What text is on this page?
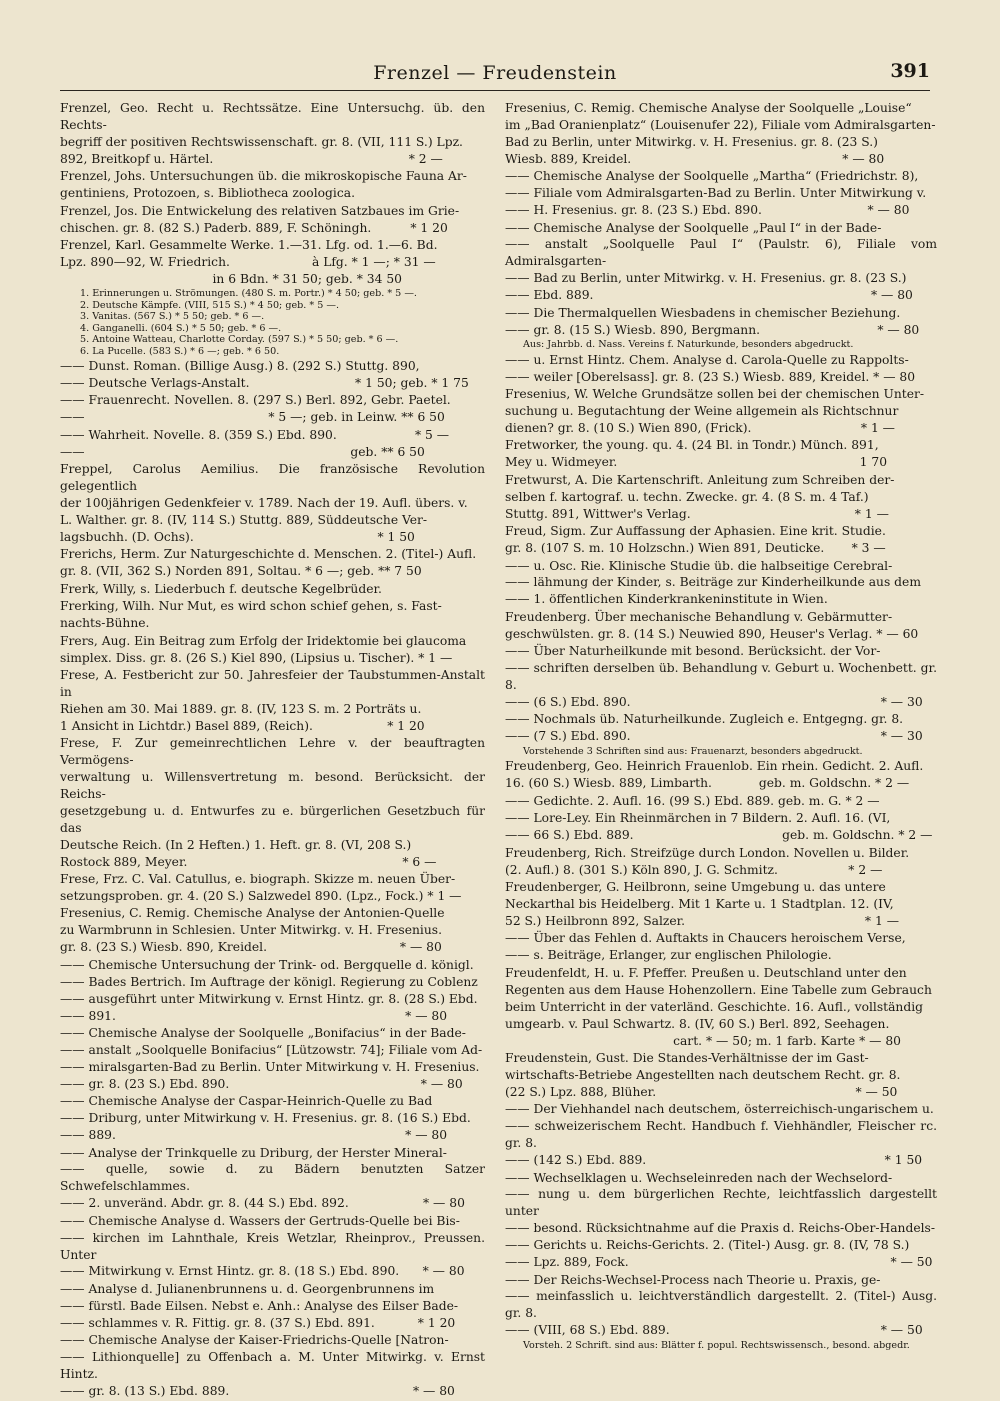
Frenzel — Freudenstein	391
Frenzel, Geo. Recht u. Rechtssätze. Eine Untersuchg. üb. den Rechts-
begriff der positiven Rechtswissenschaft. gr. 8. (VII, 111 S.) Lpz.
892, Breitkopf u. Härtel.                                                  * 2 —
Frenzel, Johs. Untersuchungen üb. die mikroskopische Fauna Ar-
gentiniens, Protozoen, s. Bibliotheca zoologica.
Frenzel, Jos. Die Entwickelung des relativen Satzbaues im Grie-
chischen. gr. 8. (82 S.) Paderb. 889, F. Schöningh.          * 1 20
Frenzel, Karl. Gesammelte Werke. 1.—31. Lfg. od. 1.—6. Bd.
Lpz. 890—92, W. Friedrich.                     à Lfg. * 1 —; * 31 —
in 6 Bdn. * 31 50; geb. * 34 50
1. Erinnerungen u. Strömungen. (480 S. m. Portr.) * 4 50; geb. * 5 —.
2. Deutsche Kämpfe. (VIII, 515 S.) * 4 50; geb. * 5 —.
3. Vanitas. (567 S.) * 5 50; geb. * 6 —.
4. Ganganelli. (604 S.) * 5 50; geb. * 6 —.
5. Antoine Watteau, Charlotte Corday. (597 S.) * 5 50; geb. * 6 —.
6. La Pucelle. (583 S.) * 6 —; geb. * 6 50.
—— Dunst. Roman. (Billige Ausg.) 8. (292 S.) Stuttg. 890,
—— Deutsche Verlags-Anstalt.                           * 1 50; geb. * 1 75
—— Frauenrecht. Novellen. 8. (297 S.) Berl. 892, Gebr. Paetel.
——                                               * 5 —; geb. in Leinw. ** 6 50
—— Wahrheit. Novelle. 8. (359 S.) Ebd. 890.                    * 5 —
——                                                                    geb. ** 6 50
Freppel, Carolus Aemilius. Die französische Revolution gelegentlich
der 100jährigen Gedenkfeier v. 1789. Nach der 19. Aufl. übers. v.
L. Walther. gr. 8. (IV, 114 S.) Stuttg. 889, Süddeutsche Ver-
lagsbuchh. (D. Ochs).                                               * 1 50
Frerichs, Herm. Zur Naturgeschichte d. Menschen. 2. (Titel-) Aufl.
gr. 8. (VII, 362 S.) Norden 891, Soltau. * 6 —; geb. ** 7 50
Frerk, Willy, s. Liederbuch f. deutsche Kegelbrüder.
Frerking, Wilh. Nur Mut, es wird schon schief gehen, s. Fast-
nachts-Bühne.
Frers, Aug. Ein Beitrag zum Erfolg der Iridektomie bei glaucoma
simplex. Diss. gr. 8. (26 S.) Kiel 890, (Lipsius u. Tischer). * 1 —
Frese, A. Festbericht zur 50. Jahresfeier der Taubstummen-Anstalt in
Riehen am 30. Mai 1889. gr. 8. (IV, 123 S. m. 2 Porträts u.
1 Ansicht in Lichtdr.) Basel 889, (Reich).                   * 1 20
Frese, F. Zur gemeinrechtlichen Lehre v. der beauftragten Vermögens-
verwaltung u. Willensvertretung m. besond. Berücksicht. der Reichs-
gesetzgebung u. d. Entwurfes zu e. bürgerlichen Gesetzbuch für das
Deutsche Reich. (In 2 Heften.) 1. Heft. gr. 8. (VI, 208 S.)
Rostock 889, Meyer.                                                       * 6 —
Frese, Frz. C. Val. Catullus, e. biograph. Skizze m. neuen Über-
setzungsproben. gr. 4. (20 S.) Salzwedel 890. (Lpz., Fock.) * 1 —
Fresenius, C. Remig. Chemische Analyse der Antonien-Quelle
zu Warmbrunn in Schlesien. Unter Mitwirkg. v. H. Fresenius.
gr. 8. (23 S.) Wiesb. 890, Kreidel.                                  * — 80
—— Chemische Untersuchung der Trink- od. Bergquelle d. königl.
—— Bades Bertrich. Im Auftrage der königl. Regierung zu Coblenz
—— ausgeführt unter Mitwirkung v. Ernst Hintz. gr. 8. (28 S.) Ebd.
—— 891.                                                                          * — 80
—— Chemische Analyse der Soolquelle „Bonifacius“ in der Bade-
—— anstalt „Soolquelle Bonifacius“ [Lützowstr. 74]; Filiale vom Ad-
—— miralsgarten-Bad zu Berlin. Unter Mitwirkung v. H. Fresenius.
—— gr. 8. (23 S.) Ebd. 890.                                                 * — 80
—— Chemische Analyse der Caspar-Heinrich-Quelle zu Bad
—— Driburg, unter Mitwirkung v. H. Fresenius. gr. 8. (16 S.) Ebd.
—— 889.                                                                          * — 80
—— Analyse der Trinkquelle zu Driburg, der Herster Mineral-
—— quelle, sowie d. zu Bädern benutzten Satzer Schwefelschlammes.
—— 2. unveränd. Abdr. gr. 8. (44 S.) Ebd. 892.                   * — 80
—— Chemische Analyse d. Wassers der Gertruds-Quelle bei Bis-
—— kirchen im Lahnthale, Kreis Wetzlar, Rheinprov., Preussen. Unter
—— Mitwirkung v. Ernst Hintz. gr. 8. (18 S.) Ebd. 890.      * — 80
—— Analyse d. Julianenbrunnens u. d. Georgenbrunnens im
—— fürstl. Bade Eilsen. Nebst e. Anh.: Analyse des Eilser Bade-
—— schlammes v. R. Fittig. gr. 8. (37 S.) Ebd. 891.           * 1 20
—— Chemische Analyse der Kaiser-Friedrichs-Quelle [Natron-
—— Lithionquelle] zu Offenbach a. M. Unter Mitwirkg. v. Ernst Hintz.
—— gr. 8. (13 S.) Ebd. 889.                                               * — 80
Fresenius, C. Remig. Chemische Analyse der Soolquelle „Louise“
im „Bad Oranienplatz“ (Louisenufer 22), Filiale vom Admiralsgarten-
Bad zu Berlin, unter Mitwirkg. v. H. Fresenius. gr. 8. (23 S.)
Wiesb. 889, Kreidel.                                                      * — 80
—— Chemische Analyse der Soolquelle „Martha“ (Friedrichstr. 8),
—— Filiale vom Admiralsgarten-Bad zu Berlin. Unter Mitwirkung v.
—— H. Fresenius. gr. 8. (23 S.) Ebd. 890.                           * — 80
—— Chemische Analyse der Soolquelle „Paul I“ in der Bade-
—— anstalt „Soolquelle Paul I“ (Paulstr. 6), Filiale vom Admiralsgarten-
—— Bad zu Berlin, unter Mitwirkg. v. H. Fresenius. gr. 8. (23 S.)
—— Ebd. 889.                                                                       * — 80
—— Die Thermalquellen Wiesbadens in chemischer Beziehung.
—— gr. 8. (15 S.) Wiesb. 890, Bergmann.                              * — 80
Aus: Jahrbb. d. Nass. Vereins f. Naturkunde, besonders abgedruckt.
—— u. Ernst Hintz. Chem. Analyse d. Carola-Quelle zu Rappolts-
—— weiler [Oberelsass]. gr. 8. (23 S.) Wiesb. 889, Kreidel. * — 80
Fresenius, W. Welche Grundsätze sollen bei der chemischen Unter-
suchung u. Begutachtung der Weine allgemein als Richtschnur
dienen? gr. 8. (10 S.) Wien 890, (Frick).                            * 1 —
Fretworker, the young. qu. 4. (24 Bl. in Tondr.) Münch. 891,
Mey u. Widmeyer.                                                              1 70
Fretwurst, A. Die Kartenschrift. Anleitung zum Schreiben der-
selben f. kartograf. u. techn. Zwecke. gr. 4. (8 S. m. 4 Taf.)
Stuttg. 891, Wittwer's Verlag.                                          * 1 —
Freud, Sigm. Zur Auffassung der Aphasien. Eine krit. Studie.
gr. 8. (107 S. m. 10 Holzschn.) Wien 891, Deuticke.       * 3 —
—— u. Osc. Rie. Klinische Studie üb. die halbseitige Cerebral-
—— lähmung der Kinder, s. Beiträge zur Kinderheilkunde aus dem
—— 1. öffentlichen Kinderkrankeninstitute in Wien.
Freudenberg. Über mechanische Behandlung v. Gebärmutter-
geschwülsten. gr. 8. (14 S.) Neuwied 890, Heuser's Verlag. * — 60
—— Über Naturheilkunde mit besond. Berücksicht. der Vor-
—— schriften derselben üb. Behandlung v. Geburt u. Wochenbett. gr. 8.
—— (6 S.) Ebd. 890.                                                                * — 30
—— Nochmals üb. Naturheilkunde. Zugleich e. Entgegng. gr. 8.
—— (7 S.) Ebd. 890.                                                                * — 30
Vorstehende 3 Schriften sind aus: Frauenarzt, besonders abgedruckt.
Freudenberg, Geo. Heinrich Frauenlob. Ein rhein. Gedicht. 2. Aufl.
16. (60 S.) Wiesb. 889, Limbarth.            geb. m. Goldschn. * 2 —
—— Gedichte. 2. Aufl. 16. (99 S.) Ebd. 889. geb. m. G. * 2 —
—— Lore-Ley. Ein Rheinmärchen in 7 Bildern. 2. Aufl. 16. (VI,
—— 66 S.) Ebd. 889.                                      geb. m. Goldschn. * 2 —
Freudenberg, Rich. Streifzüge durch London. Novellen u. Bilder.
(2. Aufl.) 8. (301 S.) Köln 890, J. G. Schmitz.                  * 2 —
Freudenberger, G. Heilbronn, seine Umgebung u. das untere
Neckarthal bis Heidelberg. Mit 1 Karte u. 1 Stadtplan. 12. (IV,
52 S.) Heilbronn 892, Salzer.                                              * 1 —
—— Über das Fehlen d. Auftakts in Chaucers heroischem Verse,
—— s. Beiträge, Erlanger, zur englischen Philologie.
Freudenfeldt, H. u. F. Pfeffer. Preußen u. Deutschland unter den
Regenten aus dem Hause Hohenzollern. Eine Tabelle zum Gebrauch
beim Unterricht in der vaterländ. Geschichte. 16. Aufl., vollständig
umgearb. v. Paul Schwartz. 8. (IV, 60 S.) Berl. 892, Seehagen.
cart. * — 50; m. 1 farb. Karte * — 80
Freudenstein, Gust. Die Standes-Verhältnisse der im Gast-
wirtschafts-Betriebe Angestellten nach deutschem Recht. gr. 8.
(22 S.) Lpz. 888, Blüher.                                                   * — 50
—— Der Viehhandel nach deutschem, österreichisch-ungarischem u.
—— schweizerischem Recht. Handbuch f. Viehhändler, Fleischer rc. gr. 8.
—— (142 S.) Ebd. 889.                                                             * 1 50
—— Wechselklagen u. Wechseleinreden nach der Wechselord-
—— nung u. dem bürgerlichen Rechte, leichtfasslich dargestellt unter
—— besond. Rücksichtnahme auf die Praxis d. Reichs-Ober-Handels-
—— Gerichts u. Reichs-Gerichts. 2. (Titel-) Ausg. gr. 8. (IV, 78 S.)
—— Lpz. 889, Fock.                                                                   * — 50
—— Der Reichs-Wechsel-Process nach Theorie u. Praxis, ge-
—— meinfasslich u. leichtverständlich dargestellt. 2. (Titel-) Ausg. gr. 8.
—— (VIII, 68 S.) Ebd. 889.                                                      * — 50
Vorsteh. 2 Schrift. sind aus: Blätter f. popul. Rechtswissensch., besond. abgedr.
